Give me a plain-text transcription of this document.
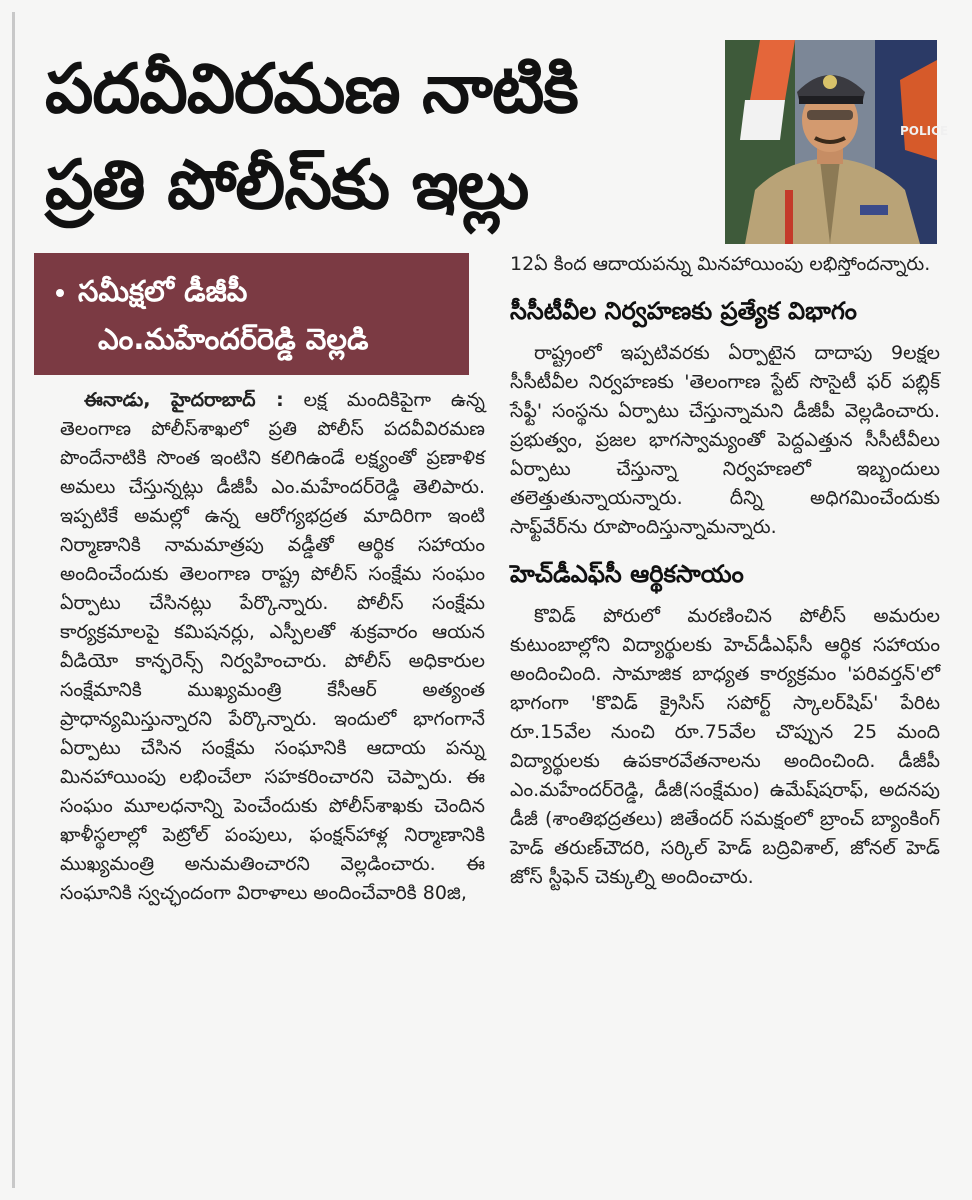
పదవీవిరమణ నాటికి
ప్రతి పోలీస్‌కు ఇల్లు
POLICE
సమీక్షలో డీజీపీ
ఎం.మహేందర్‌రెడ్డి వెల్లడి

ఈనాడు, హైదరాబాద్ : లక్ష మందికిపైగా ఉన్న తెలంగాణ పోలీస్‌శాఖలో ప్రతి పోలీస్ పదవీవిరమణ పొందేనాటికి సొంత ఇంటిని కలిగిఉండే లక్ష్యంతో ప్రణాళిక అమలు చేస్తున్నట్లు డీజీపీ ఎం.మహేందర్‌రెడ్డి తెలిపారు. ఇప్పటికే అమల్లో ఉన్న ఆరోగ్యభద్రత మాదిరిగా ఇంటి నిర్మాణానికి నామమాత్రపు వడ్డీతో ఆర్థిక సహాయం అందించేందుకు తెలంగాణ రాష్ట్ర పోలీస్ సంక్షేమ సంఘం ఏర్పాటు చేసినట్లు పేర్కొన్నారు. పోలీస్ సంక్షేమ కార్యక్రమాలపై కమిషనర్లు, ఎస్పీలతో శుక్రవారం ఆయన వీడియో కాన్ఫరెన్స్ నిర్వహించారు. పోలీస్ అధికారుల సంక్షేమానికి ముఖ్యమంత్రి కేసీఆర్ అత్యంత ప్రాధాన్యమిస్తున్నారని పేర్కొన్నారు. ఇందులో భాగంగానే ఏర్పాటు చేసిన సంక్షేమ సంఘానికి ఆదాయ పన్ను మినహాయింపు లభించేలా సహకరించారని చెప్పారు. ఈ సంఘం మూలధనాన్ని పెంచేందుకు పోలీస్‌శాఖకు చెందిన ఖాళీస్థలాల్లో పెట్రోల్ పంపులు, ఫంక్షన్‌హాళ్ల నిర్మాణానికి ముఖ్యమంత్రి అనుమతించారని వెల్లడించారు. ఈ సంఘానికి స్వచ్ఛందంగా విరాళాలు అందించేవారికి 80జి,

12ఏ కింద ఆదాయపన్ను మినహాయింపు లభిస్తోందన్నారు.

సీసీటీవీల నిర్వహణకు ప్రత్యేక విభాగం

రాష్ట్రంలో ఇప్పటివరకు ఏర్పాటైన దాదాపు 9లక్షల సీసీటీవీల నిర్వహణకు 'తెలంగాణ స్టేట్ సొసైటీ ఫర్ పబ్లిక్ సేఫ్టీ' సంస్థను ఏర్పాటు చేస్తున్నామని డీజీపీ వెల్లడించారు. ప్రభుత్వం, ప్రజల భాగస్వామ్యంతో పెద్దఎత్తున సీసీటీవీలు ఏర్పాటు చేస్తున్నా నిర్వహణలో ఇబ్బందులు తలెత్తుతున్నాయన్నారు. దీన్ని అధిగమించేందుకు సాఫ్ట్‌వేర్‌ను రూపొందిస్తున్నామన్నారు.

హెచ్‌డీఎఫ్‌సీ ఆర్థికసాయం

కొవిడ్ పోరులో మరణించిన పోలీస్ అమరుల కుటుంబాల్లోని విద్యార్థులకు హెచ్‌డీఎఫ్‌సీ ఆర్థిక సహాయం అందించింది. సామాజిక బాధ్యత కార్యక్రమం 'పరివర్తన్'లో భాగంగా 'కొవిడ్ క్రైసిస్ సపోర్ట్ స్కాలర్‌షిప్' పేరిట రూ.15వేల నుంచి రూ.75వేల చొప్పున 25 మంది విద్యార్థులకు ఉపకారవేతనాలను అందించింది. డీజీపీ ఎం.మహేందర్‌రెడ్డి, డీజీ(సంక్షేమం) ఉమేష్‌షరాఫ్, అదనపు డీజీ (శాంతిభద్రతలు) జితేందర్ సమక్షంలో బ్రాంచ్ బ్యాంకింగ్ హెడ్ తరుణ్‌చౌదరి, సర్కిల్ హెడ్ బద్రివిశాల్, జోనల్ హెడ్ జోస్ స్టీఫెన్ చెక్కుల్ని అందించారు.
